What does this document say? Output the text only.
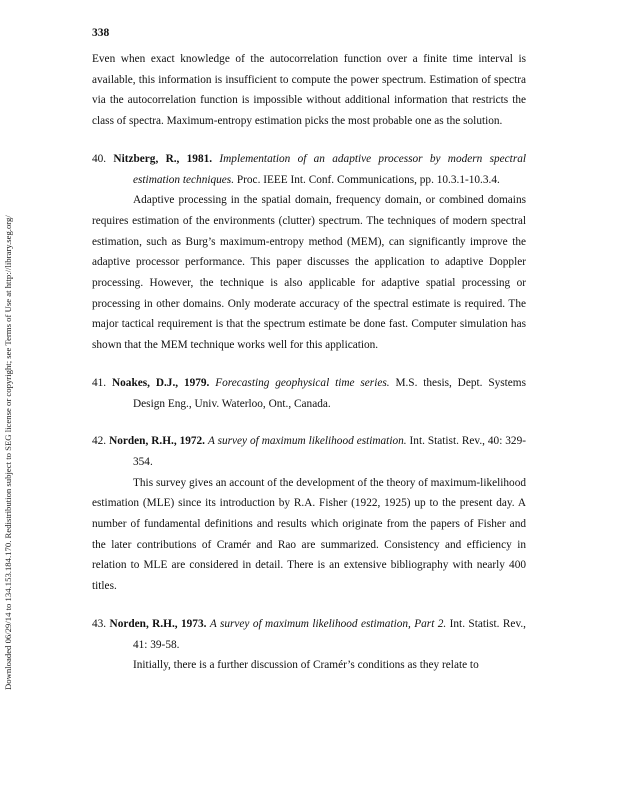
338
Downloaded 06/29/14 to 134.153.184.170. Redistribution subject to SEG license or copyright; see Terms of Use at http://library.seg.org/

Even when exact knowledge of the autocorrelation function over a finite time interval is available, this information is insufficient to compute the power spectrum. Estimation of spectra via the autocorrelation function is impossible without additional information that restricts the class of spectra. Maximum-entropy estimation picks the most probable one as the solution.

40. Nitzberg, R., 1981. Implementation of an adaptive processor by modern spectral estimation techniques. Proc. IEEE Int. Conf. Communications, pp. 10.3.1-10.3.4.

Adaptive processing in the spatial domain, frequency domain, or combined domains requires estimation of the environments (clutter) spectrum. The techniques of modern spectral estimation, such as Burg’s maximum-entropy method (MEM), can significantly improve the adaptive processor performance. This paper discusses the application to adaptive Doppler processing. However, the technique is also applicable for adaptive spatial processing or processing in other domains. Only moderate accuracy of the spectral estimate is required. The major tactical requirement is that the spectrum estimate be done fast. Computer simulation has shown that the MEM technique works well for this application.

41. Noakes, D.J., 1979. Forecasting geophysical time series. M.S. thesis, Dept. Systems Design Eng., Univ. Waterloo, Ont., Canada.

42. Norden, R.H., 1972. A survey of maximum likelihood estimation. Int. Statist. Rev., 40: 329-354.

This survey gives an account of the development of the theory of maximum-likelihood estimation (MLE) since its introduction by R.A. Fisher (1922, 1925) up to the present day. A number of fundamental definitions and results which originate from the papers of Fisher and the later contributions of Cramér and Rao are summarized. Consistency and efficiency in relation to MLE are considered in detail. There is an extensive bibliography with nearly 400 titles.

43. Norden, R.H., 1973. A survey of maximum likelihood estimation, Part 2. Int. Statist. Rev., 41: 39-58.

Initially, there is a further discussion of Cramér’s conditions as they relate to
